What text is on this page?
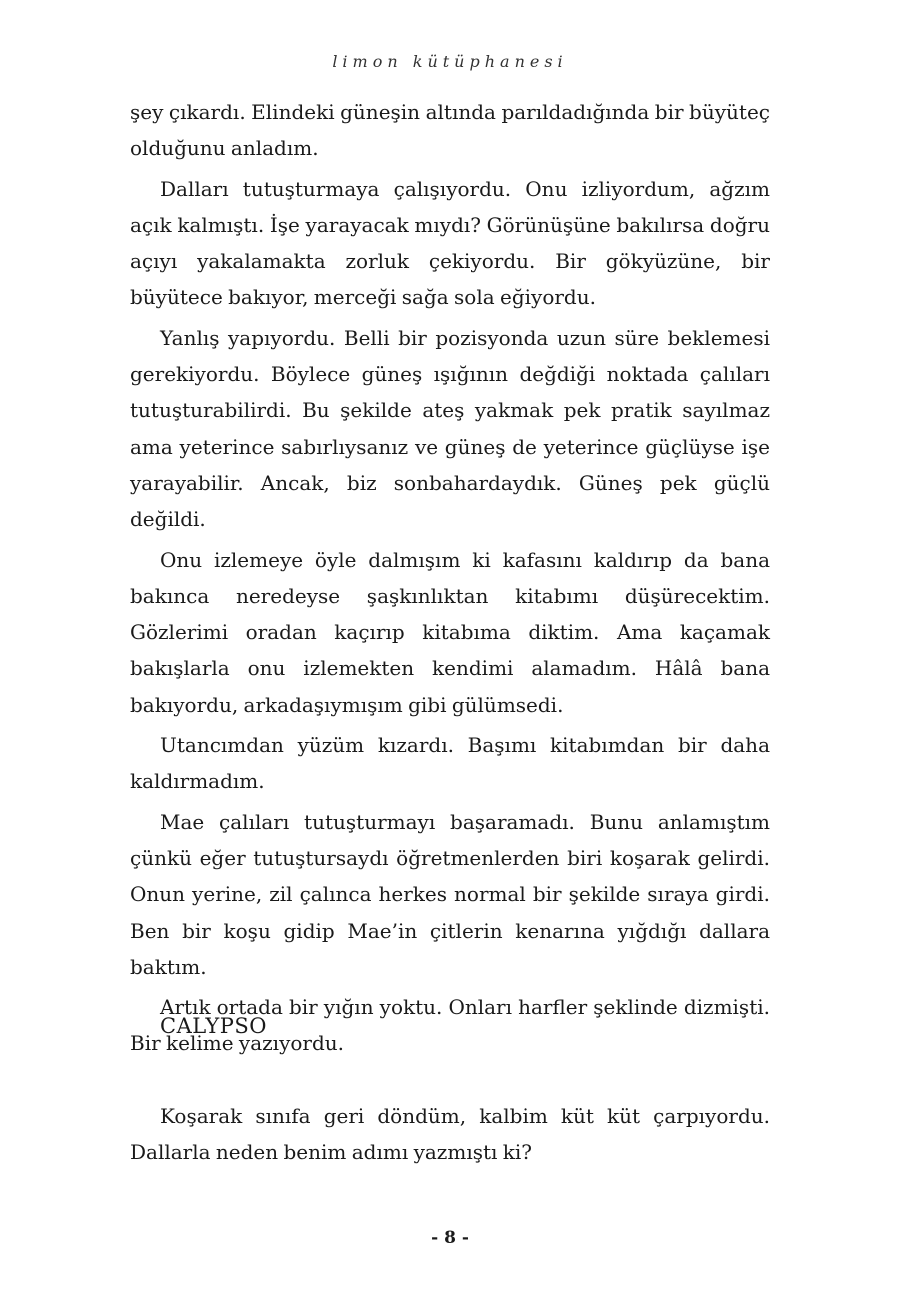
limon kütüphanesi

şey çıkardı. Elindeki güneşin altında parıldadığında bir büyüteç olduğunu anladım.

Dalları tutuşturmaya çalışıyordu. Onu izliyordum, ağzım açık kalmıştı. İşe yarayacak mıydı? Görünüşüne bakılırsa doğru açıyı yakalamakta zorluk çekiyordu. Bir gökyüzüne, bir büyütece bakıyor, merceği sağa sola eğiyordu.

Yanlış yapıyordu. Belli bir pozisyonda uzun süre beklemesi gerekiyordu. Böylece güneş ışığının değdiği noktada çalıları tutuşturabilirdi. Bu şekilde ateş yakmak pek pratik sayılmaz ama yeterince sabırlıysanız ve güneş de yeterince güçlüyse işe yarayabilir. Ancak, biz sonbahardaydık. Güneş pek güçlü değildi.

Onu izlemeye öyle dalmışım ki kafasını kaldırıp da bana bakınca neredeyse şaşkınlıktan kitabımı düşürecektim. Gözlerimi oradan kaçırıp kitabıma diktim. Ama kaçamak bakışlarla onu izlemekten kendimi alamadım. Hâlâ bana bakıyordu, arkadaşıymışım gibi gülümsedi.

Utancımdan yüzüm kızardı. Başımı kitabımdan bir daha kaldırmadım.

Mae çalıları tutuşturmayı başaramadı. Bunu anlamıştım çünkü eğer tutuştursaydı öğretmenlerden biri koşarak gelirdi. Onun yerine, zil çalınca herkes normal bir şekilde sıraya girdi. Ben bir koşu gidip Mae’in çitlerin kenarına yığdığı dallara baktım.

Artık ortada bir yığın yoktu. Onları harfler şeklinde dizmişti. Bir kelime yazıyordu.

CALYPSO

Koşarak sınıfa geri döndüm, kalbim küt küt çarpıyordu. Dallarla neden benim adımı yazmıştı ki?

- 8 -
